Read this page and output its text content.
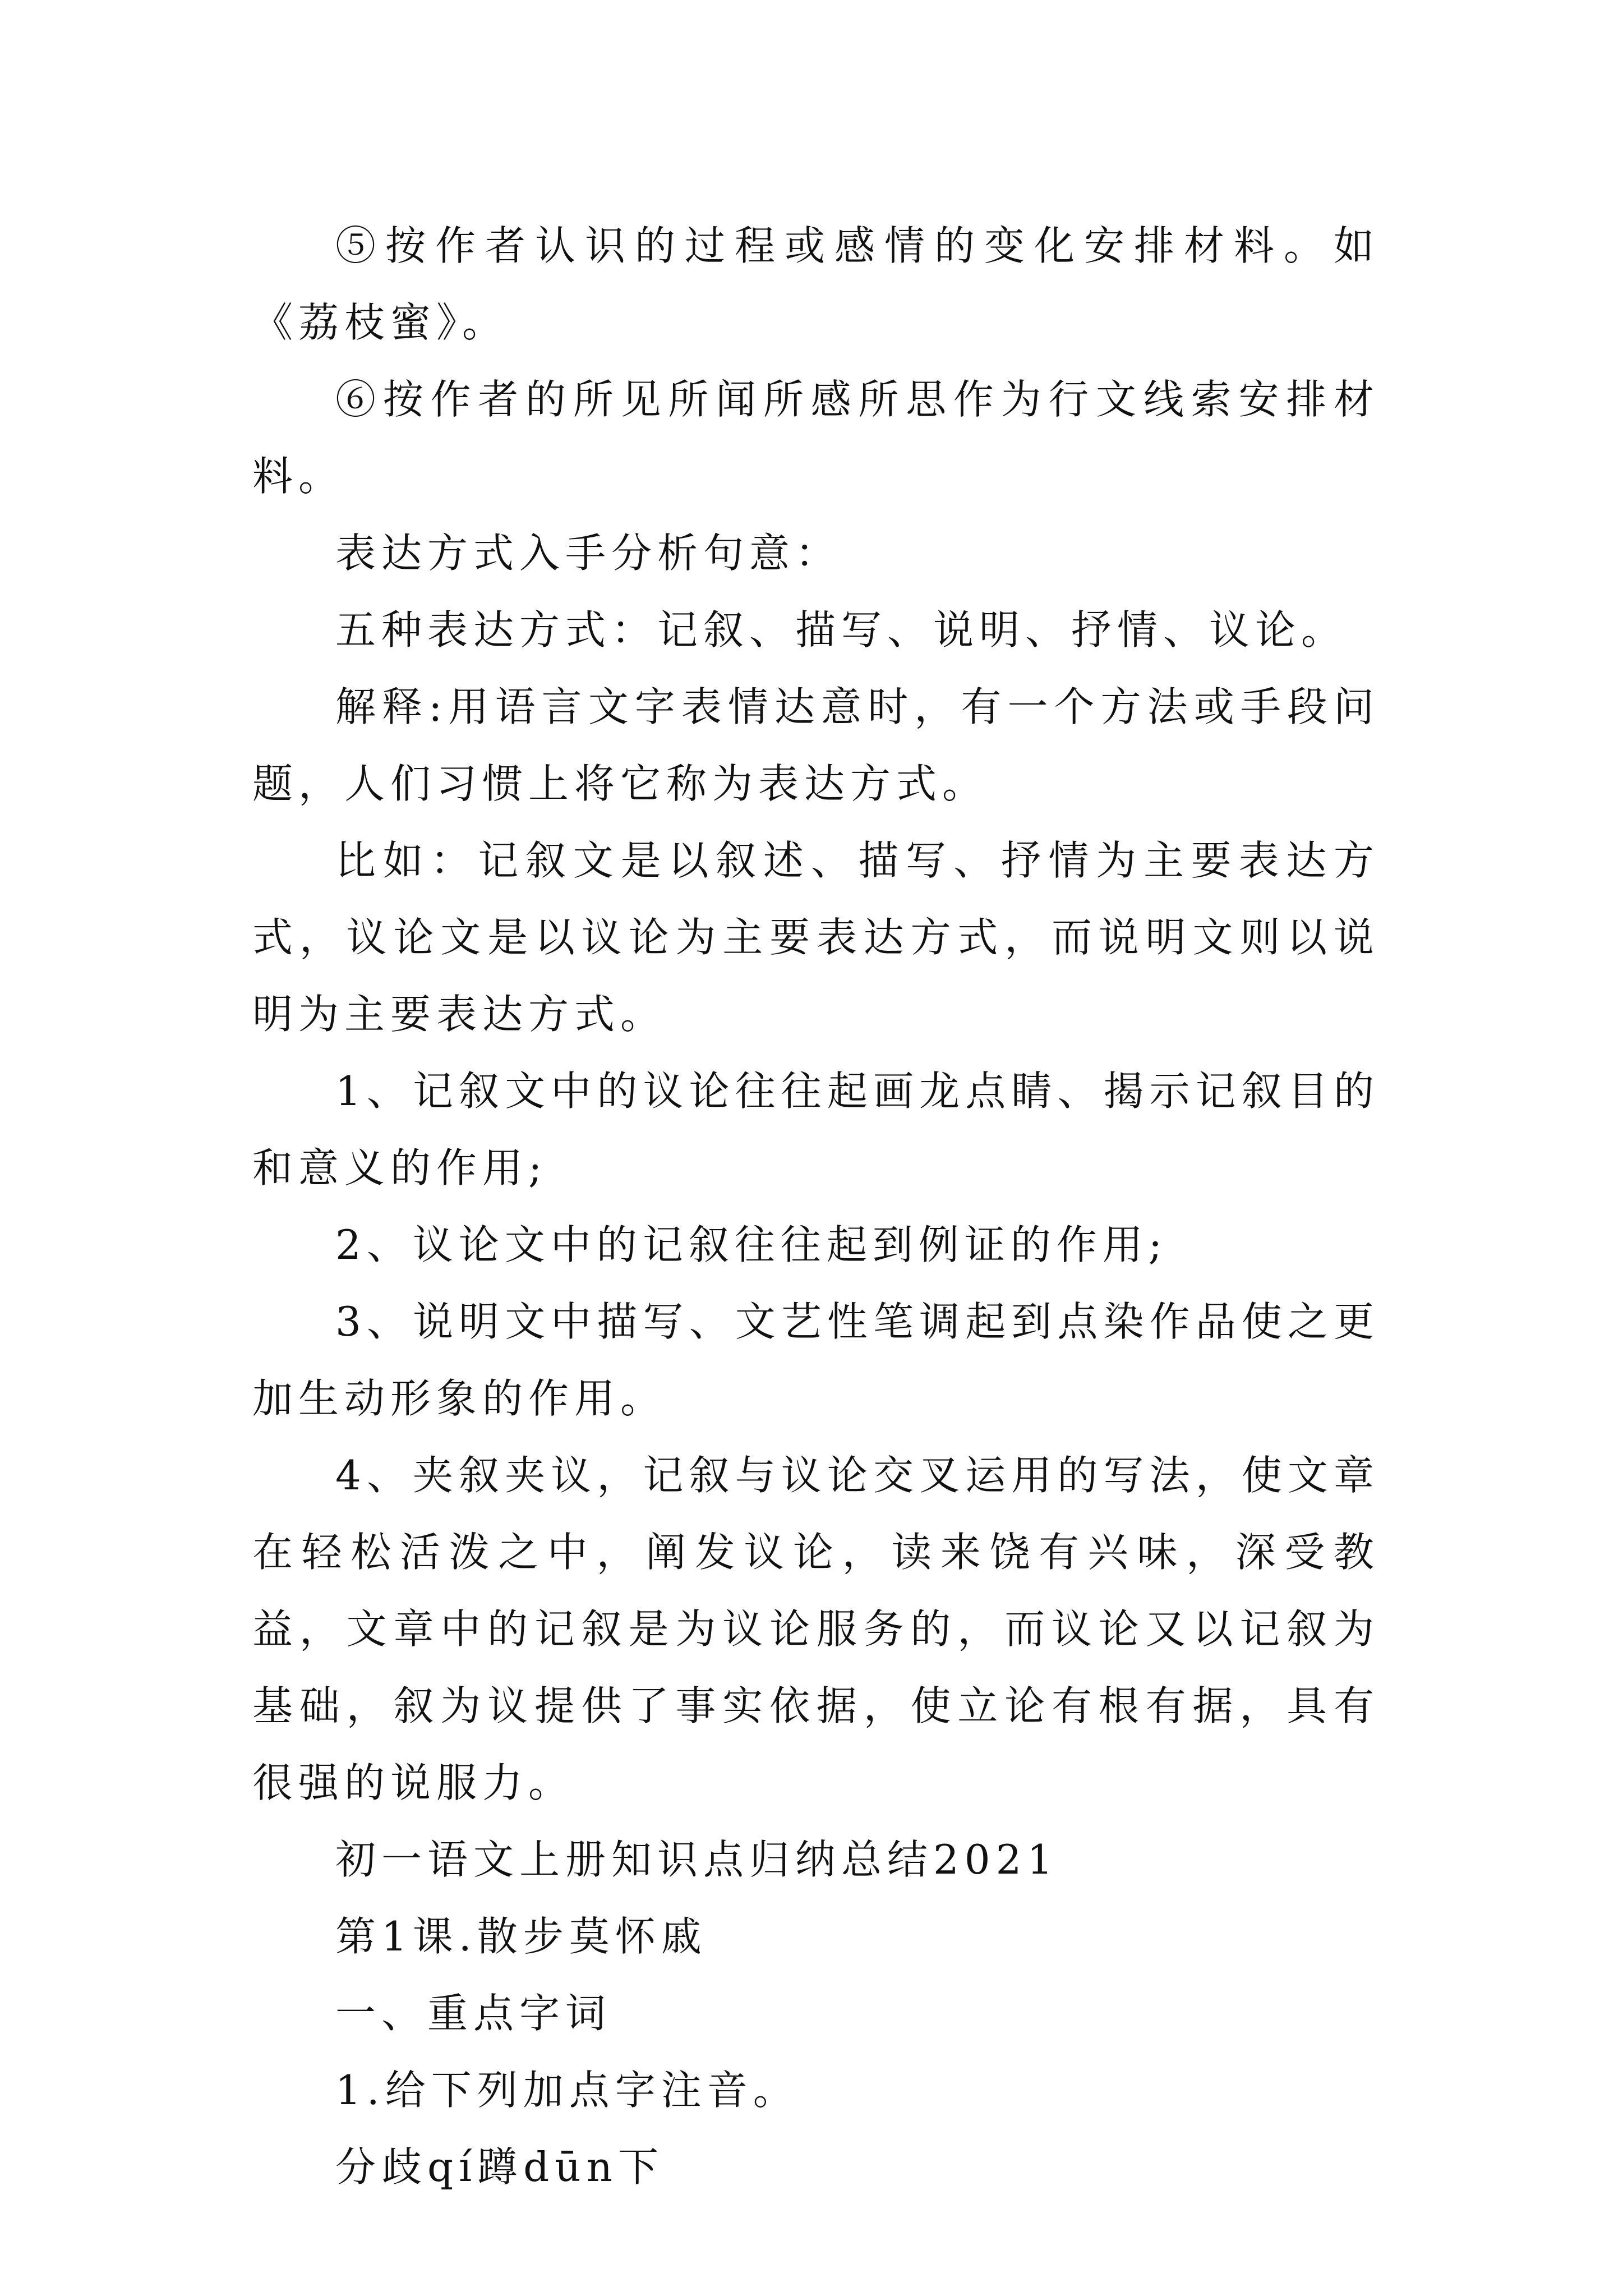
⑤按作者认识的过程或感情的变化安排材料。如《荔枝蜜》。

⑥按作者的所见所闻所感所思作为行文线索安排材料。

表达方式入手分析句意：

五种表达方式：记叙、描写、说明、抒情、议论。

解释:用语言文字表情达意时，有一个方法或手段问题，人们习惯上将它称为表达方式。

比如：记叙文是以叙述、描写、抒情为主要表达方式，议论文是以议论为主要表达方式，而说明文则以说明为主要表达方式。

1、记叙文中的议论往往起画龙点睛、揭示记叙目的和意义的作用;

2、议论文中的记叙往往起到例证的作用;

3、说明文中描写、文艺性笔调起到点染作品使之更加生动形象的作用。

4、夹叙夹议，记叙与议论交叉运用的写法，使文章在轻松活泼之中，阐发议论，读来饶有兴味，深受教益，文章中的记叙是为议论服务的，而议论又以记叙为基础，叙为议提供了事实依据，使立论有根有据，具有很强的说服力。

初一语文上册知识点归纳总结2021

第1课.散步莫怀戚

一、重点字词

1.给下列加点字注音。

分歧qí蹲dūn下
